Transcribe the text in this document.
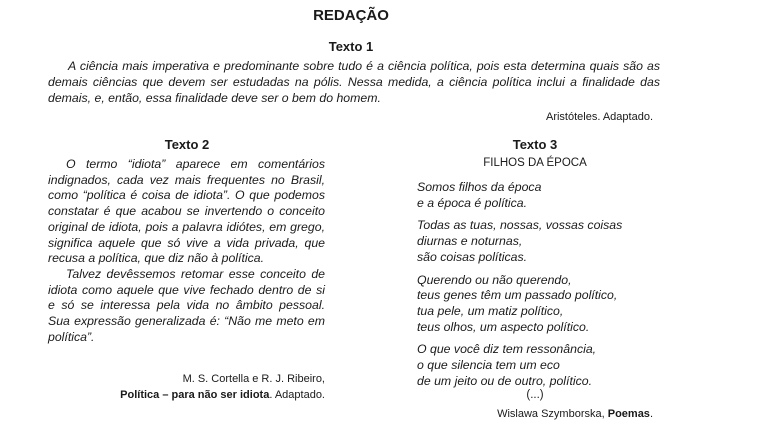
REDAÇÃO
Texto 1

A ciência mais imperativa e predominante sobre tudo é a ciência política, pois esta determina quais são as demais ciências que devem ser estudadas na pólis. Nessa medida, a ciência política inclui a finalidade das demais, e, então, essa finalidade deve ser o bem do homem.

Aristóteles. Adaptado.
Texto 2

O termo “idiota” aparece em comentários indignados, cada vez mais frequentes no Brasil, como “política é coisa de idiota”. O que podemos constatar é que acabou se invertendo o conceito original de idiota, pois a palavra idiótes, em grego, significa aquele que só vive a vida privada, que recusa a política, que diz não à política.

Talvez devêssemos retomar esse conceito de idiota como aquele que vive fechado dentro de si e só se interessa pela vida no âmbito pessoal. Sua expressão generalizada é: “Não me meto em política”.

M. S. Cortella e R. J. Ribeiro,
Política – para não ser idiota. Adaptado.
Texto 3
FILHOS DA ÉPOCA
Somos filhos da época
e a época é política.
Todas as tuas, nossas, vossas coisas
diurnas e noturnas,
são coisas políticas.
Querendo ou não querendo,
teus genes têm um passado político,
tua pele, um matiz político,
teus olhos, um aspecto político.
O que você diz tem ressonância,
o que silencia tem um eco
de um jeito ou de outro, político.
(...)
Wislawa Szymborska, Poemas.
